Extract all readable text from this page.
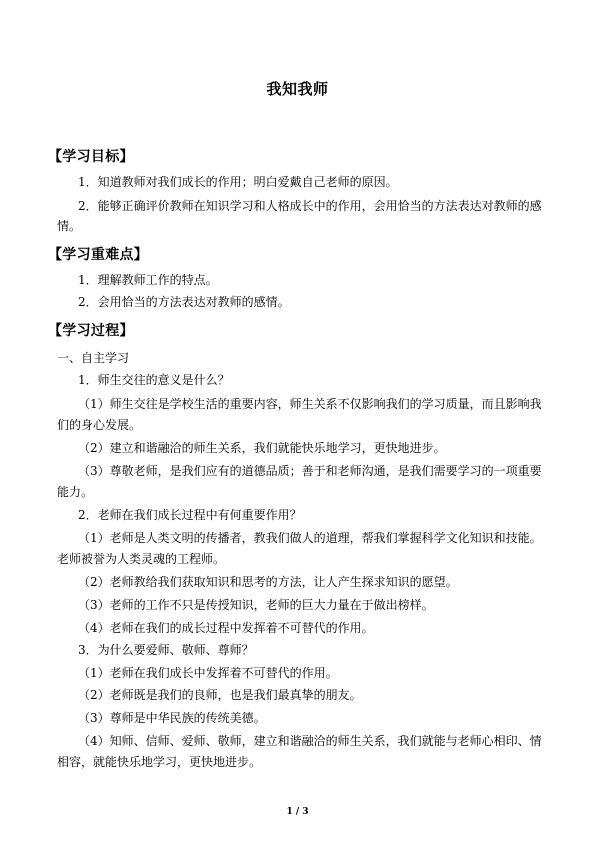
我知我师
【学习目标】
1．知道教师对我们成长的作用；明白爱戴自己老师的原因。
2．能够正确评价教师在知识学习和人格成长中的作用，会用恰当的方法表达对教师的感
情。
【学习重难点】
1．理解教师工作的特点。
2．会用恰当的方法表达对教师的感情。
【学习过程】
一、自主学习
1．师生交往的意义是什么？
（1）师生交往是学校生活的重要内容，师生关系不仅影响我们的学习质量，而且影响我
们的身心发展。
（2）建立和谐融洽的师生关系，我们就能快乐地学习，更快地进步。
（3）尊敬老师，是我们应有的道德品质；善于和老师沟通，是我们需要学习的一项重要
能力。
2．老师在我们成长过程中有何重要作用？
（1）老师是人类文明的传播者，教我们做人的道理，帮我们掌握科学文化知识和技能。
老师被誉为人类灵魂的工程师。
（2）老师教给我们获取知识和思考的方法，让人产生探求知识的愿望。
（3）老师的工作不只是传授知识，老师的巨大力量在于做出榜样。
（4）老师在我们的成长过程中发挥着不可替代的作用。
3．为什么要爱师、敬师、尊师？
（1）老师在我们成长中发挥着不可替代的作用。
（2）老师既是我们的良师，也是我们最真挚的朋友。
（3）尊师是中华民族的传统美德。
（4）知师、信师、爱师、敬师，建立和谐融洽的师生关系，我们就能与老师心相印、情
相容，就能快乐地学习，更快地进步。
1 / 3
